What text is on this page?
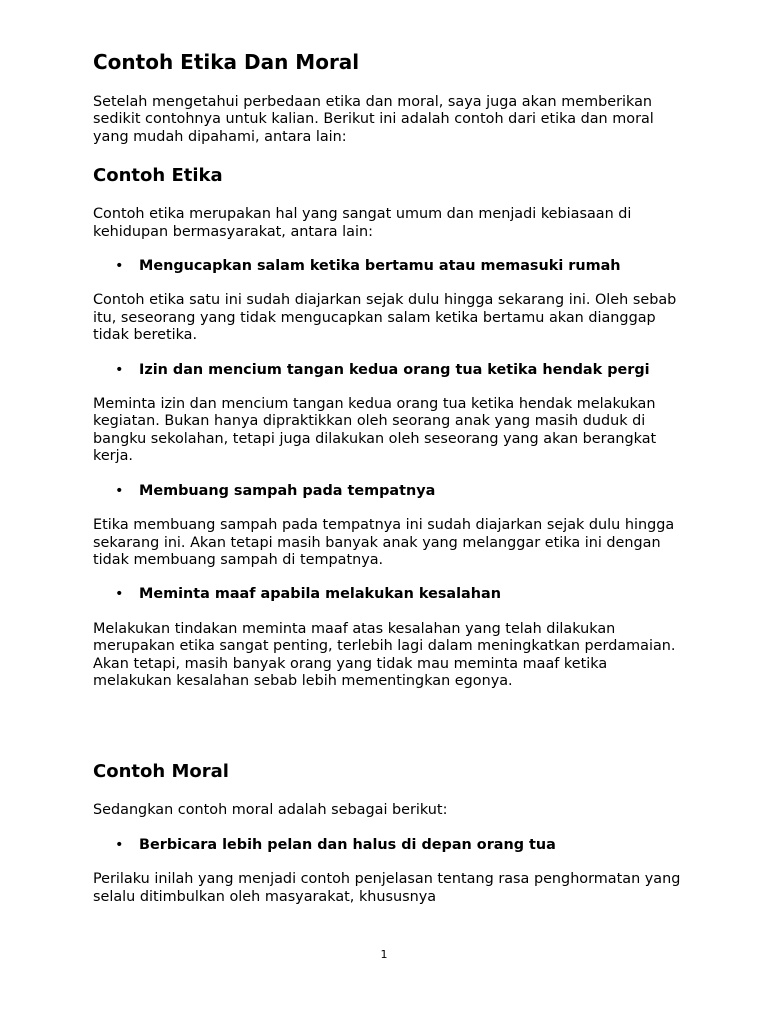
Contoh Etika Dan Moral

Setelah mengetahui perbedaan etika dan moral, saya juga akan memberikan sedikit contohnya untuk kalian. Berikut ini adalah contoh dari etika dan moral yang mudah dipahami, antara lain:

Contoh Etika

Contoh etika merupakan hal yang sangat umum dan menjadi kebiasaan di kehidupan bermasyarakat, antara lain:

• Mengucapkan salam ketika bertamu atau memasuki rumah

Contoh etika satu ini sudah diajarkan sejak dulu hingga sekarang ini. Oleh sebab itu, seseorang yang tidak mengucapkan salam ketika bertamu akan dianggap tidak beretika.

• Izin dan mencium tangan kedua orang tua ketika hendak pergi

Meminta izin dan mencium tangan kedua orang tua ketika hendak melakukan kegiatan. Bukan hanya dipraktikkan oleh seorang anak yang masih duduk di bangku sekolahan, tetapi juga dilakukan oleh seseorang yang akan berangkat kerja.

• Membuang sampah pada tempatnya

Etika membuang sampah pada tempatnya ini sudah diajarkan sejak dulu hingga sekarang ini. Akan tetapi masih banyak anak yang melanggar etika ini dengan tidak membuang sampah di tempatnya.

• Meminta maaf apabila melakukan kesalahan

Melakukan tindakan meminta maaf atas kesalahan yang telah dilakukan merupakan etika sangat penting, terlebih lagi dalam meningkatkan perdamaian. Akan tetapi, masih banyak orang yang tidak mau meminta maaf ketika melakukan kesalahan sebab lebih mementingkan egonya.

Contoh Moral

Sedangkan contoh moral adalah sebagai berikut:

• Berbicara lebih pelan dan halus di depan orang tua

Perilaku inilah yang menjadi contoh penjelasan tentang rasa penghormatan yang selalu ditimbulkan oleh masyarakat, khususnya

1
